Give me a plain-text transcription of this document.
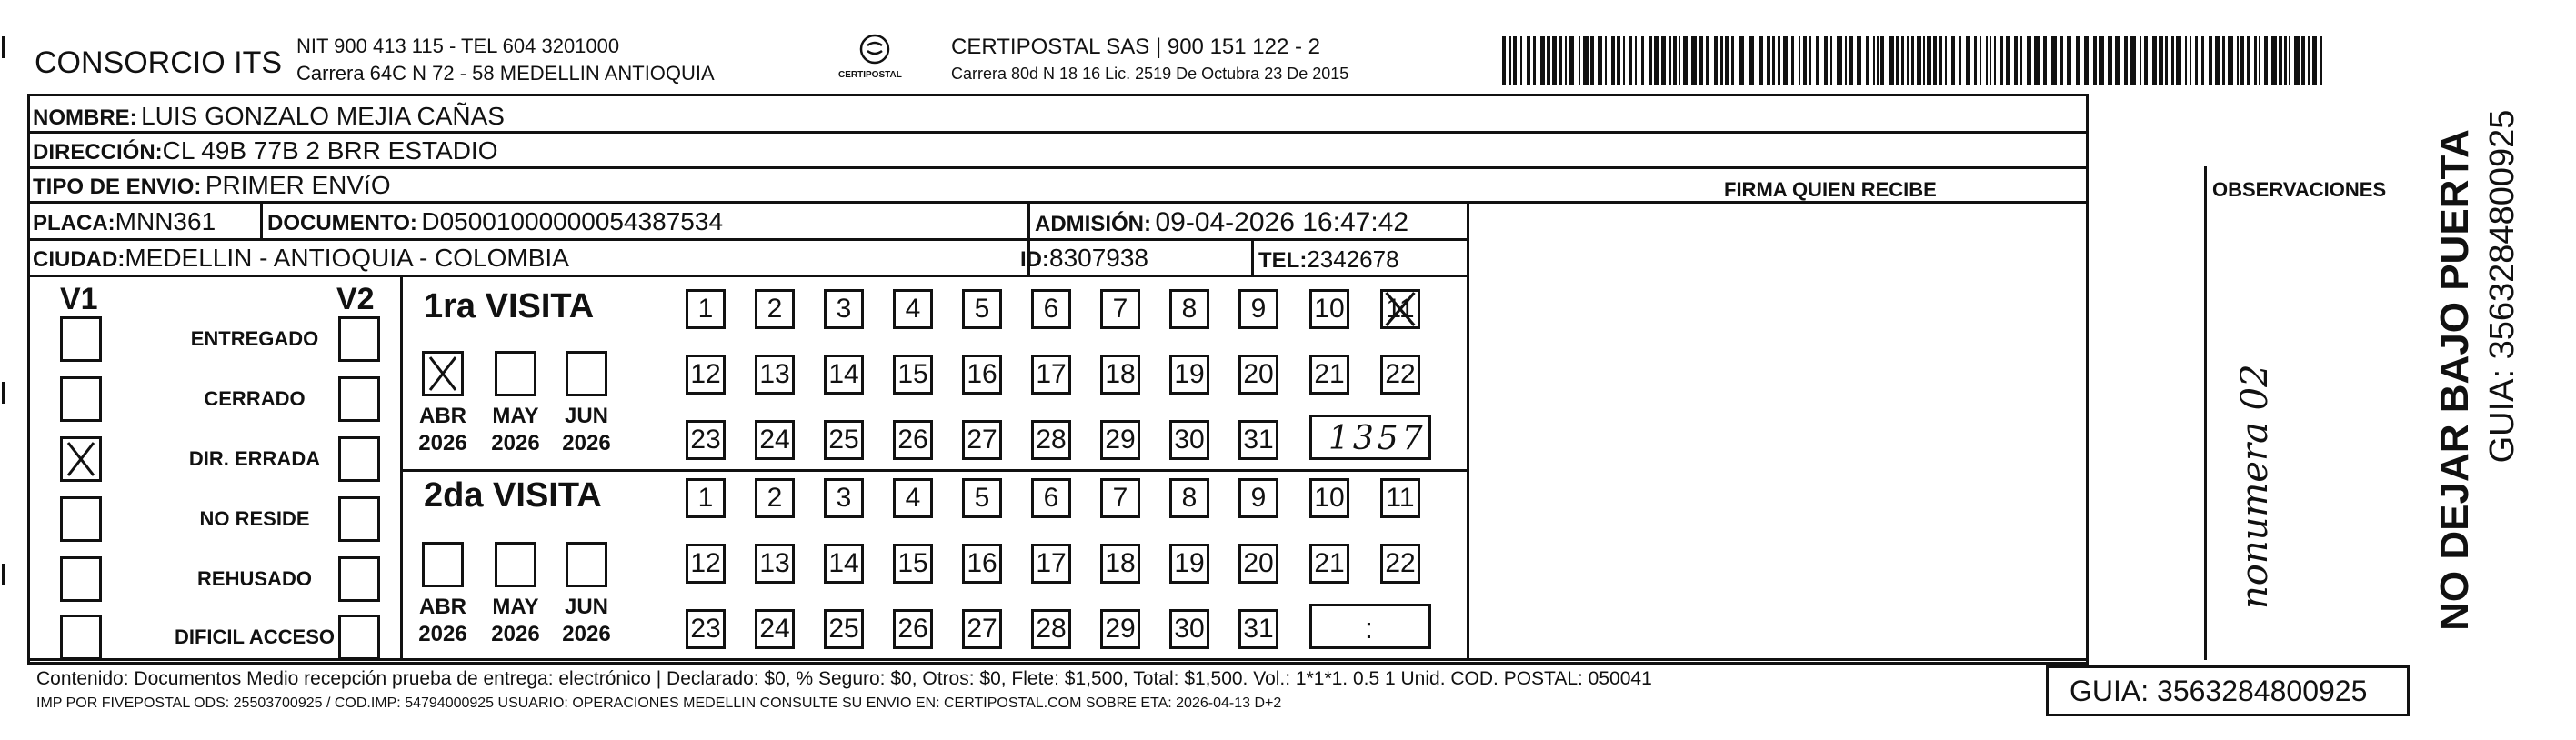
CONSORCIO ITS NIT 900 413 115 - TEL 604 3201000
Carrera 64C N 72 - 58 MEDELLIN ANTIOQUIA	CERTIPOSTAL
CERTIPOSTAL SAS | 900 151 122 - 2
Carrera 80d N 18 16 Lic. 2519 De Octubra 23 De 2015
NOMBRE: LUIS GONZALO MEJIA CAÑAS
DIRECCIÓN:CL 49B 77B 2 BRR ESTADIO
TIPO DE ENVIO: PRIMER ENVíO
PLACA:MNN361 DOCUMENTO: D05001000000054387534	ADMISIÓN: 09-04-2026 16:47:42
CIUDAD:MEDELLIN - ANTIOQUIA - COLOMBIA	ID:8307938	TEL:2342678
FIRMA QUIEN RECIBE	OBSERVACIONES
nonumera 02
V1	V2
ENTREGADO
CERRADO
DIR. ERRADA
NO RESIDE
REHUSADO
DIFICIL ACCESO
1ra VISITA
2da VISITA
ABR
2026
MAY
2026
JUN
2026
ABR
2026
MAY
2026
JUN
2026
1	2	3	4	5	6	7	8	9	10 11
12 13 14 15 16 17 18 19 20 21 22
23 24 25 26 27 28 29 30 31
1	2	3	4	5	6	7	8	9	10 11
12 13 14 15 16 17 18 19 20 21 22
23 24 25 26 27 28 29 30 31
1357
:
Contenido: Documentos Medio recepción prueba de entrega: electrónico | Declarado: $0, % Seguro: $0, Otros: $0, Flete: $1,500, Total: $1,500. Vol.: 1*1*1. 0.5 1 Unid. COD. POSTAL: 050041
IMP POR FIVEPOSTAL ODS: 25503700925 / COD.IMP: 54794000925 USUARIO: OPERACIONES MEDELLIN CONSULTE SU ENVIO EN: CERTIPOSTAL.COM SOBRE ETA: 2026-04-13 D+2	GUIA: 3563284800925
NO DEJAR BAJO PUERTA GUIA: 3563284800925
